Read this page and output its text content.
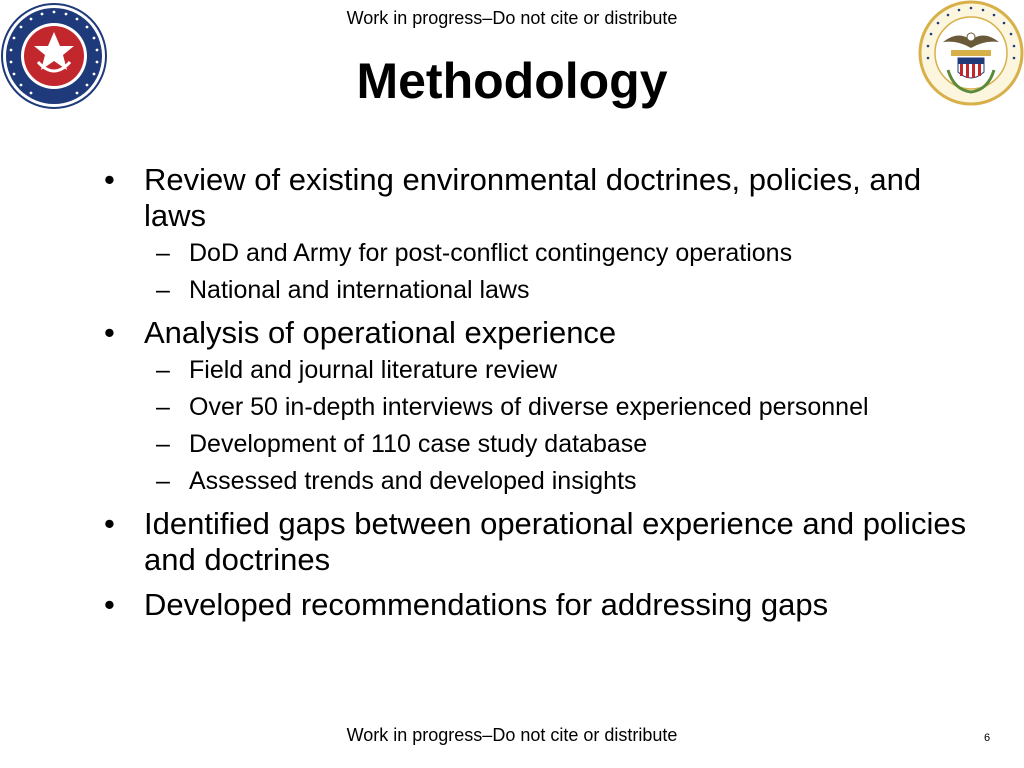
Work in progress–Do not cite or distribute
Methodology
• Review of existing environmental doctrines, policies, and laws
– DoD and Army for post-conflict contingency operations
– National and international laws
• Analysis of operational experience
– Field and journal literature review
– Over 50 in-depth interviews of diverse experienced personnel
– Development of 110 case study database
– Assessed trends and developed insights
• Identified gaps between operational experience and policies and doctrines
• Developed recommendations for addressing gaps
Work in progress–Do not cite or distribute	6
